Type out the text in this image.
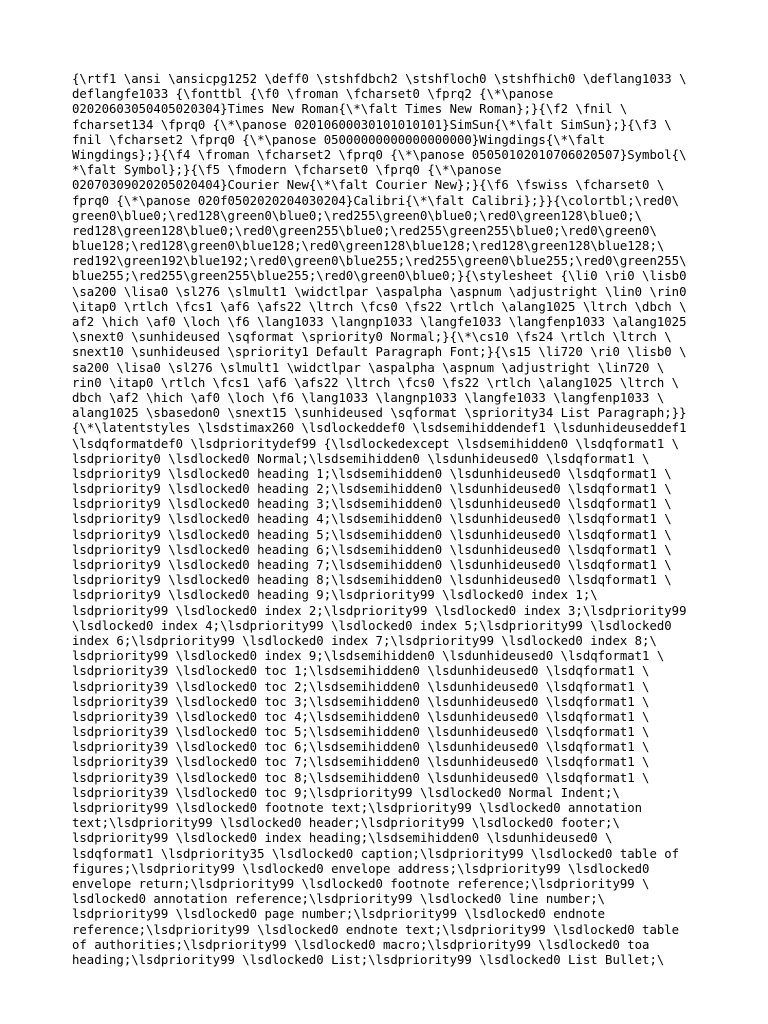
{\rtf1 \ansi \ansicpg1252 \deff0 \stshfdbch2 \stshfloch0 \stshfhich0 \deflang1033 \
deflangfe1033 {\fonttbl {\f0 \froman \fcharset0 \fprq2 {\*\panose
02020603050405020304}Times New Roman{\*\falt Times New Roman};}{\f2 \fnil \
fcharset134 \fprq0 {\*\panose 02010600030101010101}SimSun{\*\falt SimSun};}{\f3 \
fnil \fcharset2 \fprq0 {\*\panose 05000000000000000000}Wingdings{\*\falt
Wingdings};}{\f4 \froman \fcharset2 \fprq0 {\*\panose 05050102010706020507}Symbol{\
*\falt Symbol};}{\f5 \fmodern \fcharset0 \fprq0 {\*\panose
02070309020205020404}Courier New{\*\falt Courier New};}{\f6 \fswiss \fcharset0 \
fprq0 {\*\panose 020f0502020204030204}Calibri{\*\falt Calibri};}}{\colortbl;\red0\
green0\blue0;\red128\green0\blue0;\red255\green0\blue0;\red0\green128\blue0;\
red128\green128\blue0;\red0\green255\blue0;\red255\green255\blue0;\red0\green0\
blue128;\red128\green0\blue128;\red0\green128\blue128;\red128\green128\blue128;\
red192\green192\blue192;\red0\green0\blue255;\red255\green0\blue255;\red0\green255\
blue255;\red255\green255\blue255;\red0\green0\blue0;}{\stylesheet {\li0 \ri0 \lisb0
\sa200 \lisa0 \sl276 \slmult1 \widctlpar \aspalpha \aspnum \adjustright \lin0 \rin0
\itap0 \rtlch \fcs1 \af6 \afs22 \ltrch \fcs0 \fs22 \rtlch \alang1025 \ltrch \dbch \
af2 \hich \af0 \loch \f6 \lang1033 \langnp1033 \langfe1033 \langfenp1033 \alang1025
\snext0 \sunhideused \sqformat \spriority0 Normal;}{\*\cs10 \fs24 \rtlch \ltrch \
snext10 \sunhideused \spriority1 Default Paragraph Font;}{\s15 \li720 \ri0 \lisb0 \
sa200 \lisa0 \sl276 \slmult1 \widctlpar \aspalpha \aspnum \adjustright \lin720 \
rin0 \itap0 \rtlch \fcs1 \af6 \afs22 \ltrch \fcs0 \fs22 \rtlch \alang1025 \ltrch \
dbch \af2 \hich \af0 \loch \f6 \lang1033 \langnp1033 \langfe1033 \langfenp1033 \
alang1025 \sbasedon0 \snext15 \sunhideused \sqformat \spriority34 List Paragraph;}}
{\*\latentstyles \lsdstimax260 \lsdlockeddef0 \lsdsemihiddendef1 \lsdunhideuseddef1
\lsdqformatdef0 \lsdprioritydef99 {\lsdlockedexcept \lsdsemihidden0 \lsdqformat1 \
lsdpriority0 \lsdlocked0 Normal;\lsdsemihidden0 \lsdunhideused0 \lsdqformat1 \
lsdpriority9 \lsdlocked0 heading 1;\lsdsemihidden0 \lsdunhideused0 \lsdqformat1 \
lsdpriority9 \lsdlocked0 heading 2;\lsdsemihidden0 \lsdunhideused0 \lsdqformat1 \
lsdpriority9 \lsdlocked0 heading 3;\lsdsemihidden0 \lsdunhideused0 \lsdqformat1 \
lsdpriority9 \lsdlocked0 heading 4;\lsdsemihidden0 \lsdunhideused0 \lsdqformat1 \
lsdpriority9 \lsdlocked0 heading 5;\lsdsemihidden0 \lsdunhideused0 \lsdqformat1 \
lsdpriority9 \lsdlocked0 heading 6;\lsdsemihidden0 \lsdunhideused0 \lsdqformat1 \
lsdpriority9 \lsdlocked0 heading 7;\lsdsemihidden0 \lsdunhideused0 \lsdqformat1 \
lsdpriority9 \lsdlocked0 heading 8;\lsdsemihidden0 \lsdunhideused0 \lsdqformat1 \
lsdpriority9 \lsdlocked0 heading 9;\lsdpriority99 \lsdlocked0 index 1;\
lsdpriority99 \lsdlocked0 index 2;\lsdpriority99 \lsdlocked0 index 3;\lsdpriority99
\lsdlocked0 index 4;\lsdpriority99 \lsdlocked0 index 5;\lsdpriority99 \lsdlocked0
index 6;\lsdpriority99 \lsdlocked0 index 7;\lsdpriority99 \lsdlocked0 index 8;\
lsdpriority99 \lsdlocked0 index 9;\lsdsemihidden0 \lsdunhideused0 \lsdqformat1 \
lsdpriority39 \lsdlocked0 toc 1;\lsdsemihidden0 \lsdunhideused0 \lsdqformat1 \
lsdpriority39 \lsdlocked0 toc 2;\lsdsemihidden0 \lsdunhideused0 \lsdqformat1 \
lsdpriority39 \lsdlocked0 toc 3;\lsdsemihidden0 \lsdunhideused0 \lsdqformat1 \
lsdpriority39 \lsdlocked0 toc 4;\lsdsemihidden0 \lsdunhideused0 \lsdqformat1 \
lsdpriority39 \lsdlocked0 toc 5;\lsdsemihidden0 \lsdunhideused0 \lsdqformat1 \
lsdpriority39 \lsdlocked0 toc 6;\lsdsemihidden0 \lsdunhideused0 \lsdqformat1 \
lsdpriority39 \lsdlocked0 toc 7;\lsdsemihidden0 \lsdunhideused0 \lsdqformat1 \
lsdpriority39 \lsdlocked0 toc 8;\lsdsemihidden0 \lsdunhideused0 \lsdqformat1 \
lsdpriority39 \lsdlocked0 toc 9;\lsdpriority99 \lsdlocked0 Normal Indent;\
lsdpriority99 \lsdlocked0 footnote text;\lsdpriority99 \lsdlocked0 annotation
text;\lsdpriority99 \lsdlocked0 header;\lsdpriority99 \lsdlocked0 footer;\
lsdpriority99 \lsdlocked0 index heading;\lsdsemihidden0 \lsdunhideused0 \
lsdqformat1 \lsdpriority35 \lsdlocked0 caption;\lsdpriority99 \lsdlocked0 table of
figures;\lsdpriority99 \lsdlocked0 envelope address;\lsdpriority99 \lsdlocked0
envelope return;\lsdpriority99 \lsdlocked0 footnote reference;\lsdpriority99 \
lsdlocked0 annotation reference;\lsdpriority99 \lsdlocked0 line number;\
lsdpriority99 \lsdlocked0 page number;\lsdpriority99 \lsdlocked0 endnote
reference;\lsdpriority99 \lsdlocked0 endnote text;\lsdpriority99 \lsdlocked0 table
of authorities;\lsdpriority99 \lsdlocked0 macro;\lsdpriority99 \lsdlocked0 toa
heading;\lsdpriority99 \lsdlocked0 List;\lsdpriority99 \lsdlocked0 List Bullet;\
